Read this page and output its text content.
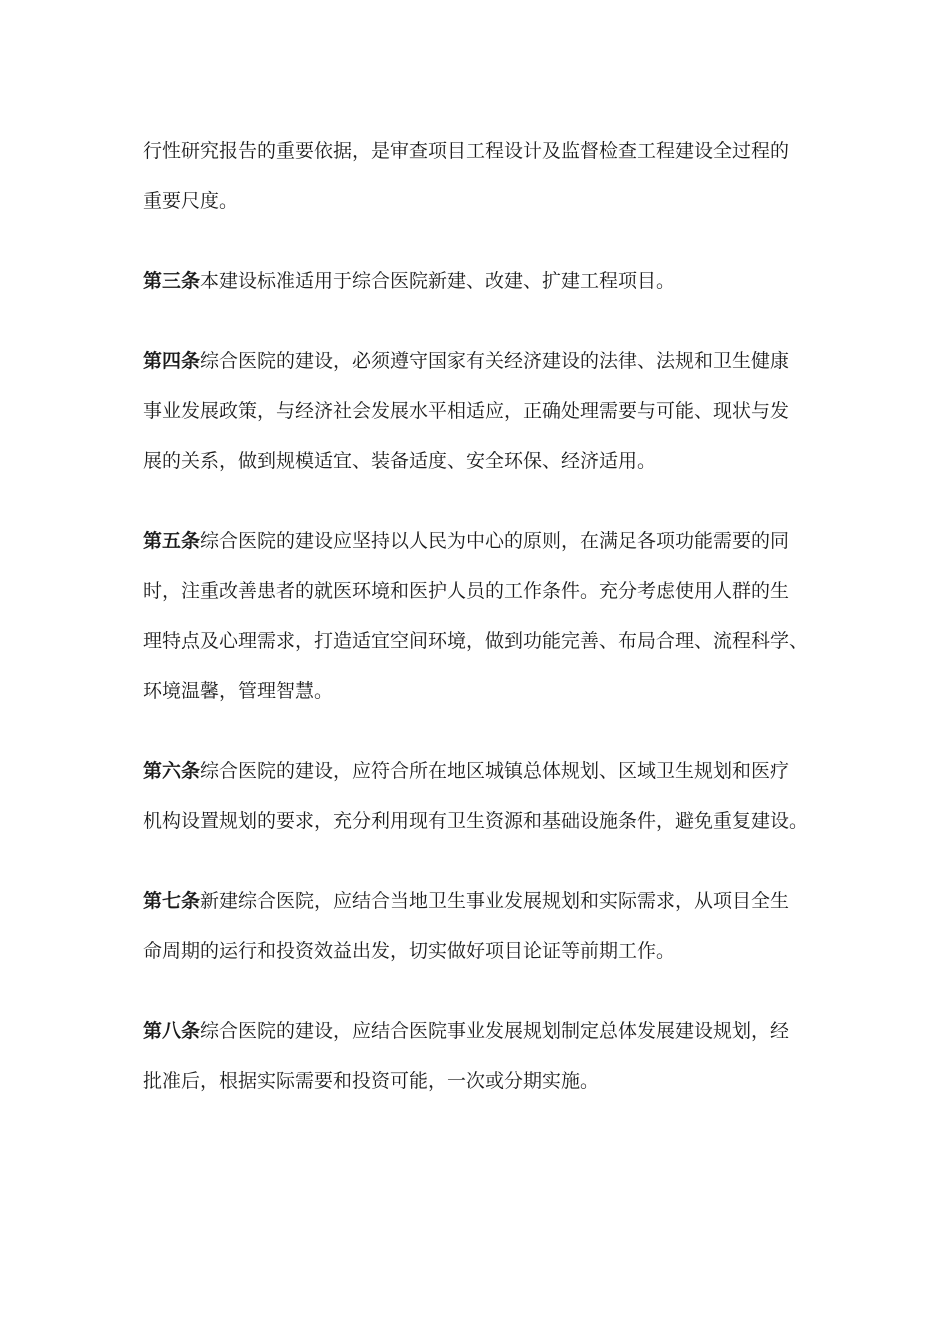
行性研究报告的重要依据，是审查项目工程设计及监督检查工程建设全过程的
重要尺度。

第三条本建设标准适用于综合医院新建、改建、扩建工程项目。

第四条综合医院的建设，必须遵守国家有关经济建设的法律、法规和卫生健康
事业发展政策，与经济社会发展水平相适应，正确处理需要与可能、现状与发
展的关系，做到规模适宜、装备适度、安全环保、经济适用。

第五条综合医院的建设应坚持以人民为中心的原则，在满足各项功能需要的同
时，注重改善患者的就医环境和医护人员的工作条件。充分考虑使用人群的生
理特点及心理需求，打造适宜空间环境，做到功能完善、布局合理、流程科学、
环境温馨，管理智慧。

第六条综合医院的建设，应符合所在地区城镇总体规划、区域卫生规划和医疗
机构设置规划的要求，充分利用现有卫生资源和基础设施条件，避免重复建设。

第七条新建综合医院，应结合当地卫生事业发展规划和实际需求，从项目全生
命周期的运行和投资效益出发，切实做好项目论证等前期工作。

第八条综合医院的建设，应结合医院事业发展规划制定总体发展建设规划，经
批准后，根据实际需要和投资可能，一次或分期实施。
